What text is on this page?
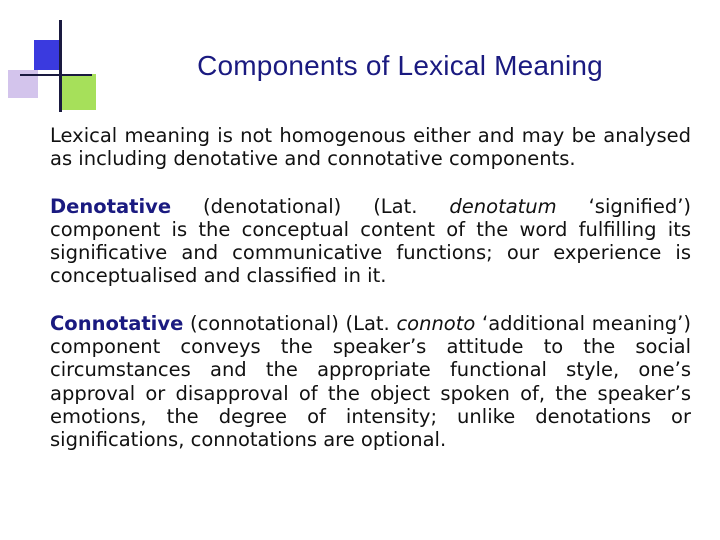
Components of Lexical Meaning

Lexical meaning is not homogenous either and may be analysed as including denotative and connotative components.

Denotative (denotational) (Lat. denotatum ‘signified’) component is the conceptual content of the word fulfilling its significative and communicative functions; our experience is conceptualised and classified in it.

Connotative (connotational) (Lat. connoto ‘additional meaning’) component conveys the speaker’s attitude to the social circumstances and the appropriate functional style, one’s approval or disapproval of the object spoken of, the speaker’s emotions, the degree of intensity; unlike denotations or significations, connotations are optional.
